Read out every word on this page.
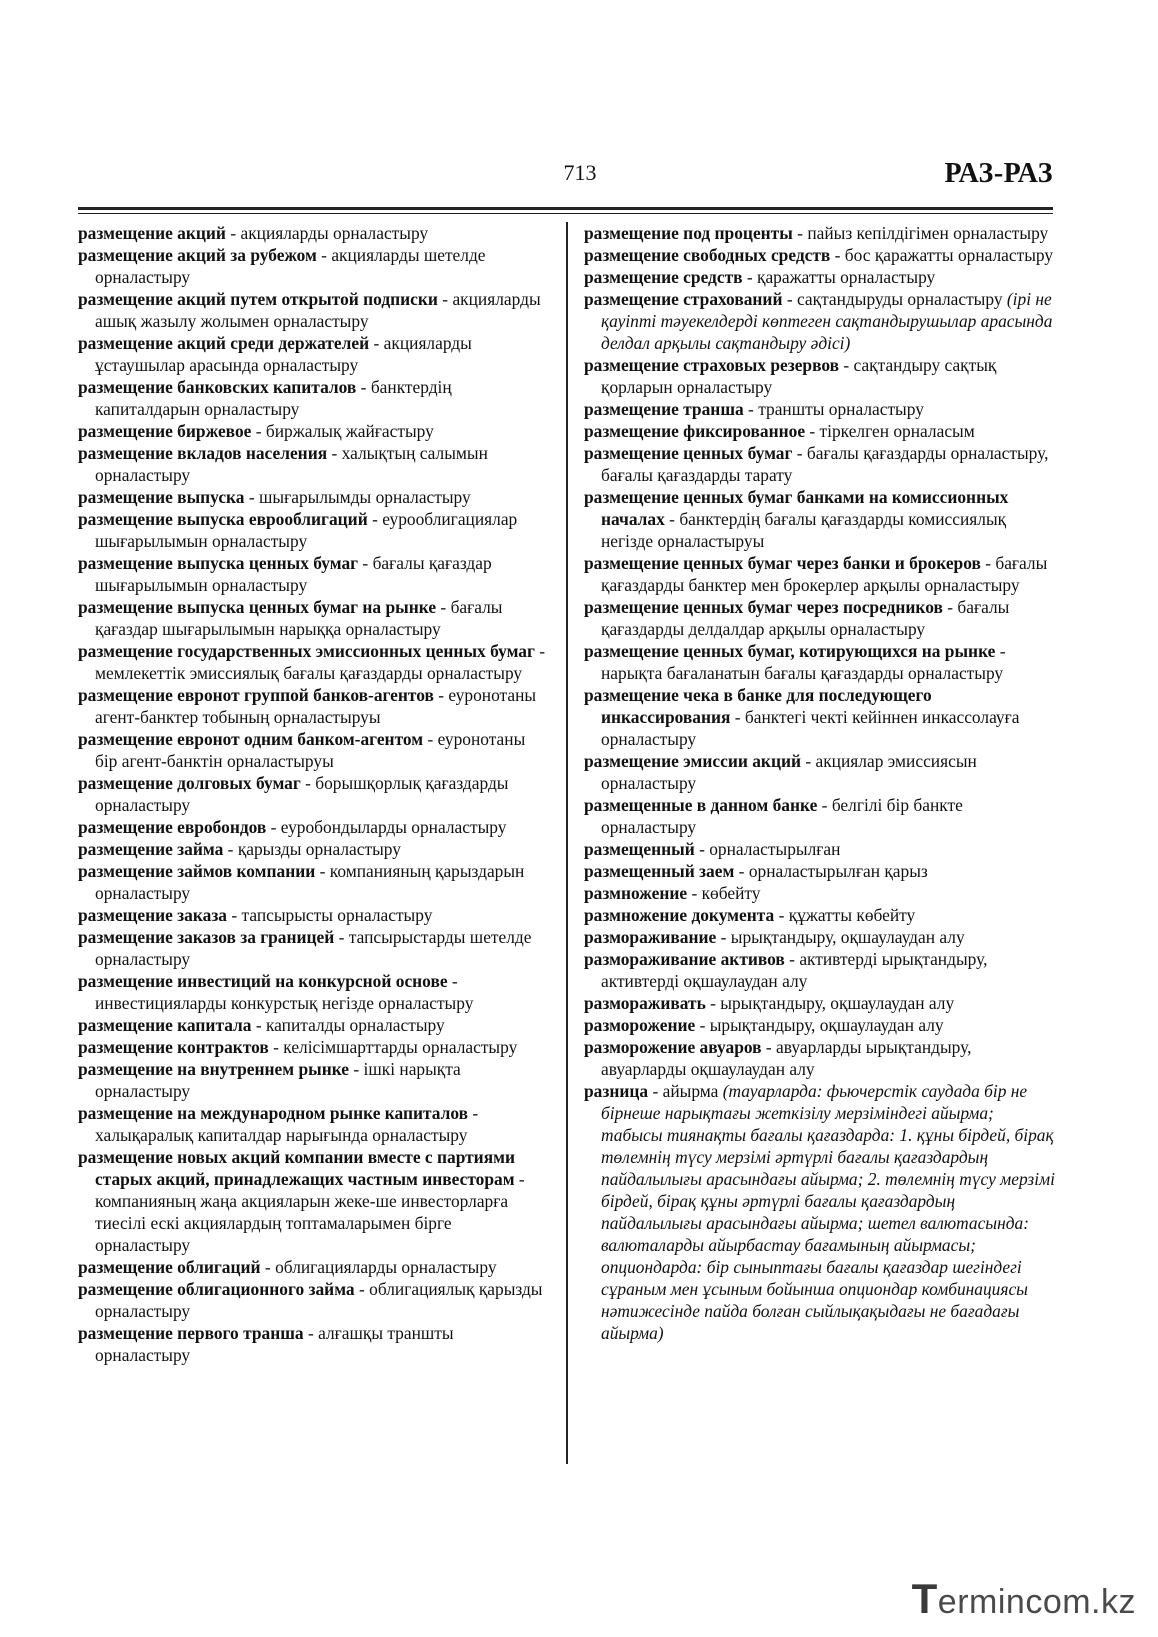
713	РАЗ-РАЗ

размещение акций - акцияларды орналастыру

размещение акций за рубежом - акцияларды шетелде орналастыру

размещение акций путем открытой подписки - акцияларды ашық жазылу жолымен орналастыру

размещение акций среди держателей - акцияларды ұстаушылар арасында орналастыру

размещение банковских капиталов - банктердің капиталдарын орналастыру

размещение биржевое - биржалық жайғастыру

размещение вкладов населения - халықтың салымын орналастыру

размещение выпуска - шығарылымды орналастыру

размещение выпуска еврооблигаций - еурооблигациялар шығарылымын орналастыру

размещение выпуска ценных бумаг - бағалы қағаздар шығарылымын орналастыру

размещение выпуска ценных бумаг на рынке - бағалы қағаздар шығарылымын нарыққа орналастыру

размещение государственных эмиссионных ценных бумаг - мемлекеттік эмиссиялық бағалы қағаздарды орналастыру

размещение евронот группой банков-агентов - еуронотаны агент-банктер тобының орналастыруы

размещение евронот одним банком-агентом - еуронотаны бір агент-банктін орналастыруы

размещение долговых бумаг - борышқорлық қағаздарды орналастыру

размещение евробондов - еуробондыларды орналастыру

размещение займа - қарызды орналастыру

размещение займов компании - компанияның қарыздарын орналастыру

размещение заказа - тапсырысты орналастыру

размещение заказов за границей - тапсырыстарды шетелде орналастыру

размещение инвестиций на конкурсной основе - инвестицияларды конкурстық негізде орналастыру

размещение капитала - капиталды орналастыру

размещение контрактов - келісімшарттарды орналастыру

размещение на внутреннем рынке - ішкі нарықта орналастыру

размещение на международном рынке капиталов - халықаралық капиталдар нарығында орналастыру

размещение новых акций компании вместе с партиями старых акций, принадлежащих частным инвесторам - компанияның жаңа акцияларын жеке-ше инвесторларға тиесілі ескі акциялардың топтамаларымен бірге орналастыру

размещение облигаций - облигацияларды орналастыру

размещение облигационного займа - облигациялық қарызды орналастыру

размещение первого транша - алғашқы траншты орналастыру

размещение под проценты - пайыз кепілдігімен орналастыру

размещение свободных средств - бос қаражатты орналастыру

размещение средств - қаражатты орналастыру

размещение страхований - сақтандыруды орналастыру (ірі не қауіпті тәуекелдерді көптеген сақтандырушылар арасында делдал арқылы сақтандыру әдісі)

размещение страховых резервов - сақтандыру сақтық қорларын орналастыру

размещение транша - траншты орналастыру

размещение фиксированное - тіркелген орналасым

размещение ценных бумаг - бағалы қағаздарды орналастыру, бағалы қағаздарды тарату

размещение ценных бумаг банками на комиссионных началах - банктердің бағалы қағаздарды комиссиялық негізде орналастыруы

размещение ценных бумаг через банки и брокеров - бағалы қағаздарды банктер мен брокерлер арқылы орналастыру

размещение ценных бумаг через посредников - бағалы қағаздарды делдалдар арқылы орналастыру

размещение ценных бумаг, котирующихся на рынке - нарықта бағаланатын бағалы қағаздарды орналастыру

размещение чека в банке для последующего инкассирования - банктегі чекті кейіннен инкассолауға орналастыру

размещение эмиссии акций - акциялар эмиссиясын орналастыру

размещенные в данном банке - белгілі бір банкте орналастыру

размещенный - орналастырылған

размещенный заем - орналастырылған қарыз

размножение - көбейту

размножение документа - құжатты көбейту

размораживание - ырықтандыру, оқшаулаудан алу

размораживание активов - активтерді ырықтандыру, активтерді оқшаулаудан алу

размораживать - ырықтандыру, оқшаулаудан алу

разморожение - ырықтандыру, оқшаулаудан алу

разморожение авуаров - авуарларды ырықтандыру, авуарларды оқшаулаудан алу

разница - айырма (тауарларда: фьючерстік саудада бір не бірнеше нарықтағы жеткізілу мерзіміндегі айырма; табысы тиянақты бағалы қағаздарда: 1. құны бірдей, бірақ төлемнің түсу мерзімі әртүрлі бағалы қағаздардың пайдалылығы арасындағы айырма; 2. төлемнің түсу мерзімі бірдей, бірақ құны әртүрлі бағалы қағаздардың пайдалылығы арасындағы айырма; шетел валютасында: валюталарды айырбастау бағамының айырмасы; опциондарда: бір сыныптағы бағалы қағаздар шегіндегі сұраным мен ұсыным бойынша опциондар комбинациясы нәтижесінде пайда болған сыйлықақыдағы не бағадағы айырма)

Termincom.kz
